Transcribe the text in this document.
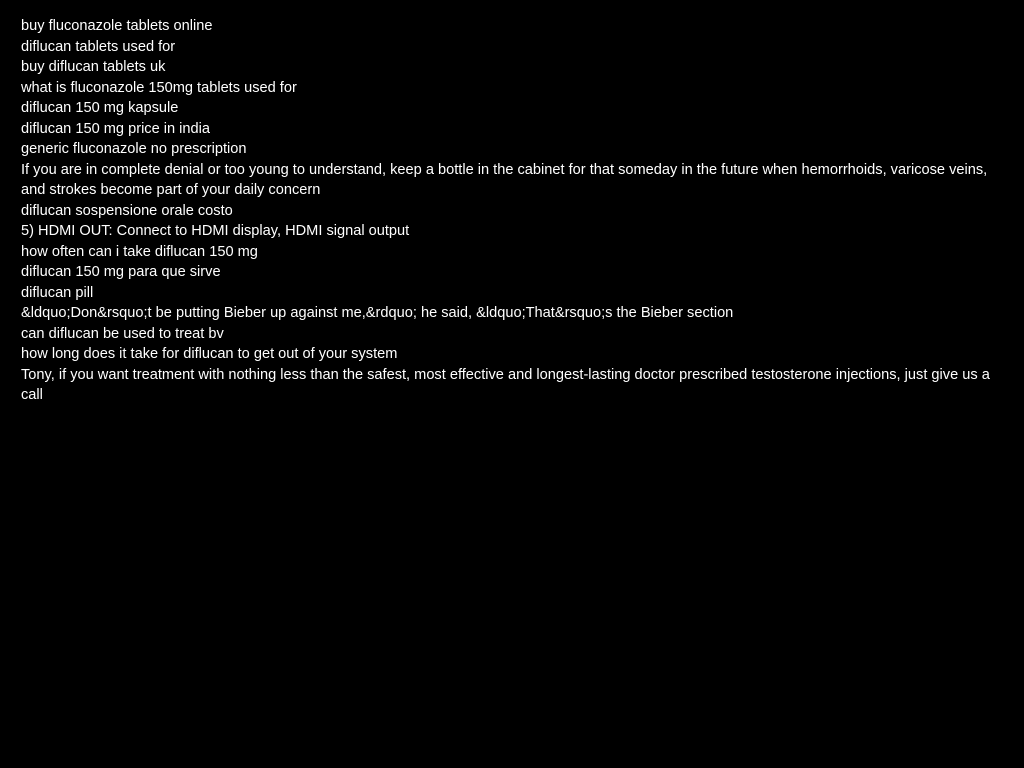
buy fluconazole tablets online
diflucan tablets used for
buy diflucan tablets uk
what is fluconazole 150mg tablets used for
diflucan 150 mg kapsule
diflucan 150 mg price in india
generic fluconazole no prescription
If you are in complete denial or too young to understand, keep a bottle in the cabinet for that someday in the future when hemorrhoids, varicose veins, and strokes become part of your daily concern
diflucan sospensione orale costo
5) HDMI OUT: Connect to HDMI display, HDMI signal output
how often can i take diflucan 150 mg
diflucan 150 mg para que sirve
diflucan pill
&ldquo;Don&rsquo;t be putting Bieber up against me,&rdquo; he said, &ldquo;That&rsquo;s the Bieber section
can diflucan be used to treat bv
how long does it take for diflucan to get out of your system
Tony, if you want treatment with nothing less than the safest, most effective and longest-lasting doctor prescribed testosterone injections, just give us a call
